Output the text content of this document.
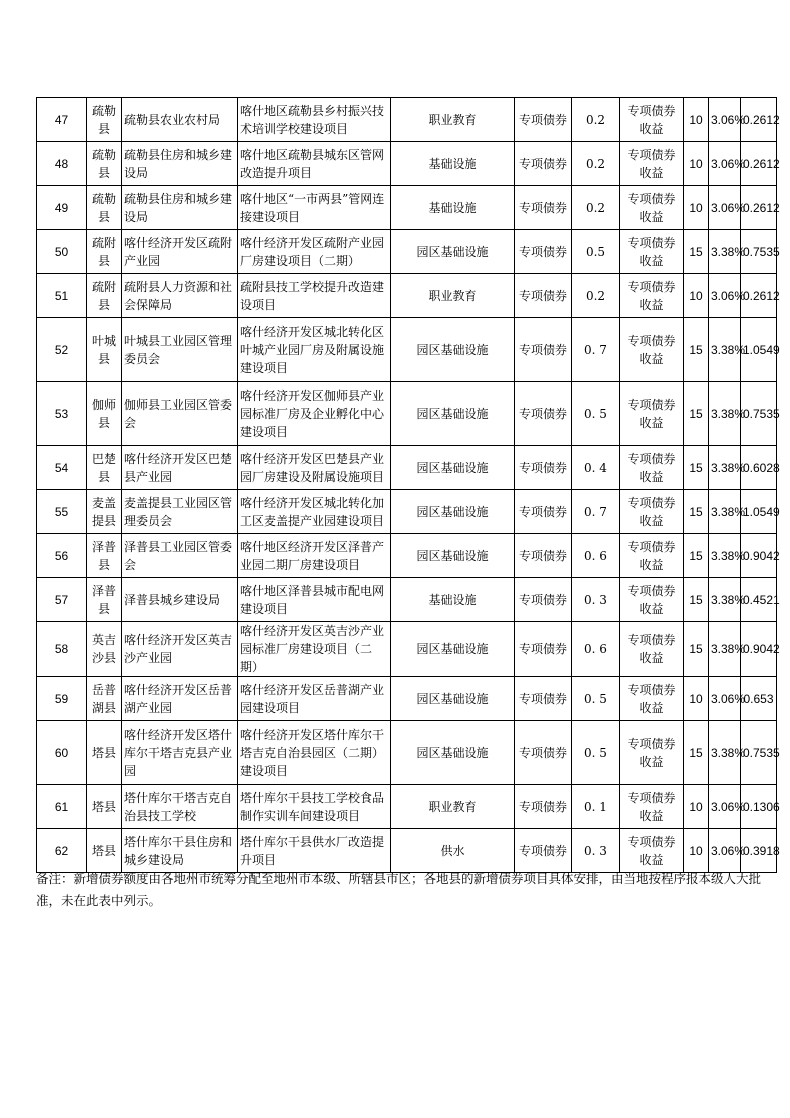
47	疏勒县	疏勒县农业农村局	喀什地区疏勒县乡村振兴技术培训学校建设项目	职业教育	专项债券	0.2	专项债券收益	10	3.06%	0.2612
48	疏勒县	疏勒县住房和城乡建设局	喀什地区疏勒县城东区管网改造提升项目	基础设施	专项债券	0.2	专项债券收益	10	3.06%	0.2612
49	疏勒县	疏勒县住房和城乡建设局	喀什地区“一市两县”管网连接建设项目	基础设施	专项债券	0.2	专项债券收益	10	3.06%	0.2612
50	疏附县	喀什经济开发区疏附产业园	喀什经济开发区疏附产业园厂房建设项目（二期）	园区基础设施	专项债券	0.5	专项债券收益	15	3.38%	0.7535
51	疏附县	疏附县人力资源和社会保障局	疏附县技工学校提升改造建设项目	职业教育	专项债券	0.2	专项债券收益	10	3.06%	0.2612
52	叶城县	叶城县工业园区管理委员会	喀什经济开发区城北转化区叶城产业园厂房及附属设施建设项目	园区基础设施	专项债券	0. 7	专项债券收益	15	3.38%	1.0549
53	伽师县	伽师县工业园区管委会	喀什经济开发区伽师县产业园标准厂房及企业孵化中心建设项目	园区基础设施	专项债券	0. 5	专项债券收益	15	3.38%	0.7535
54	巴楚县	喀什经济开发区巴楚县产业园	喀什经济开发区巴楚县产业园厂房建设及附属设施项目	园区基础设施	专项债券	0. 4	专项债券收益	15	3.38%	0.6028
55	麦盖提县	麦盖提县工业园区管理委员会	喀什经济开发区城北转化加工区麦盖提产业园建设项目	园区基础设施	专项债券	0. 7	专项债券收益	15	3.38%	1.0549
56	泽普县	泽普县工业园区管委会	喀什地区经济开发区泽普产业园二期厂房建设项目	园区基础设施	专项债券	0. 6	专项债券收益	15	3.38%	0.9042
57	泽普县	泽普县城乡建设局	喀什地区泽普县城市配电网建设项目	基础设施	专项债券	0. 3	专项债券收益	15	3.38%	0.4521
58	英吉沙县	喀什经济开发区英吉沙产业园	喀什经济开发区英吉沙产业园标准厂房建设项目（二期）	园区基础设施	专项债券	0. 6	专项债券收益	15	3.38%	0.9042
59	岳普湖县	喀什经济开发区岳普湖产业园	喀什经济开发区岳普湖产业园建设项目	园区基础设施	专项债券	0. 5	专项债券收益	10	3.06%	0.653
60	塔县	喀什经济开发区塔什库尔干塔吉克县产业园	喀什经济开发区塔什库尔干塔吉克自治县园区（二期）建设项目	园区基础设施	专项债券	0. 5	专项债券收益	15	3.38%	0.7535
61	塔县	塔什库尔干塔吉克自治县技工学校	塔什库尔干县技工学校食品制作实训车间建设项目	职业教育	专项债券	0. 1	专项债券收益	10	3.06%	0.1306
62	塔县	塔什库尔干县住房和城乡建设局	塔什库尔干县供水厂改造提升项目	供水	专项债券	0. 3	专项债券收益	10	3.06%	0.3918

备注：新增债券额度由各地州市统筹分配至地州市本级、所辖县市区；各地县的新增债券项目具体安排，由当地按程序报本级人大批准，未在此表中列示。
